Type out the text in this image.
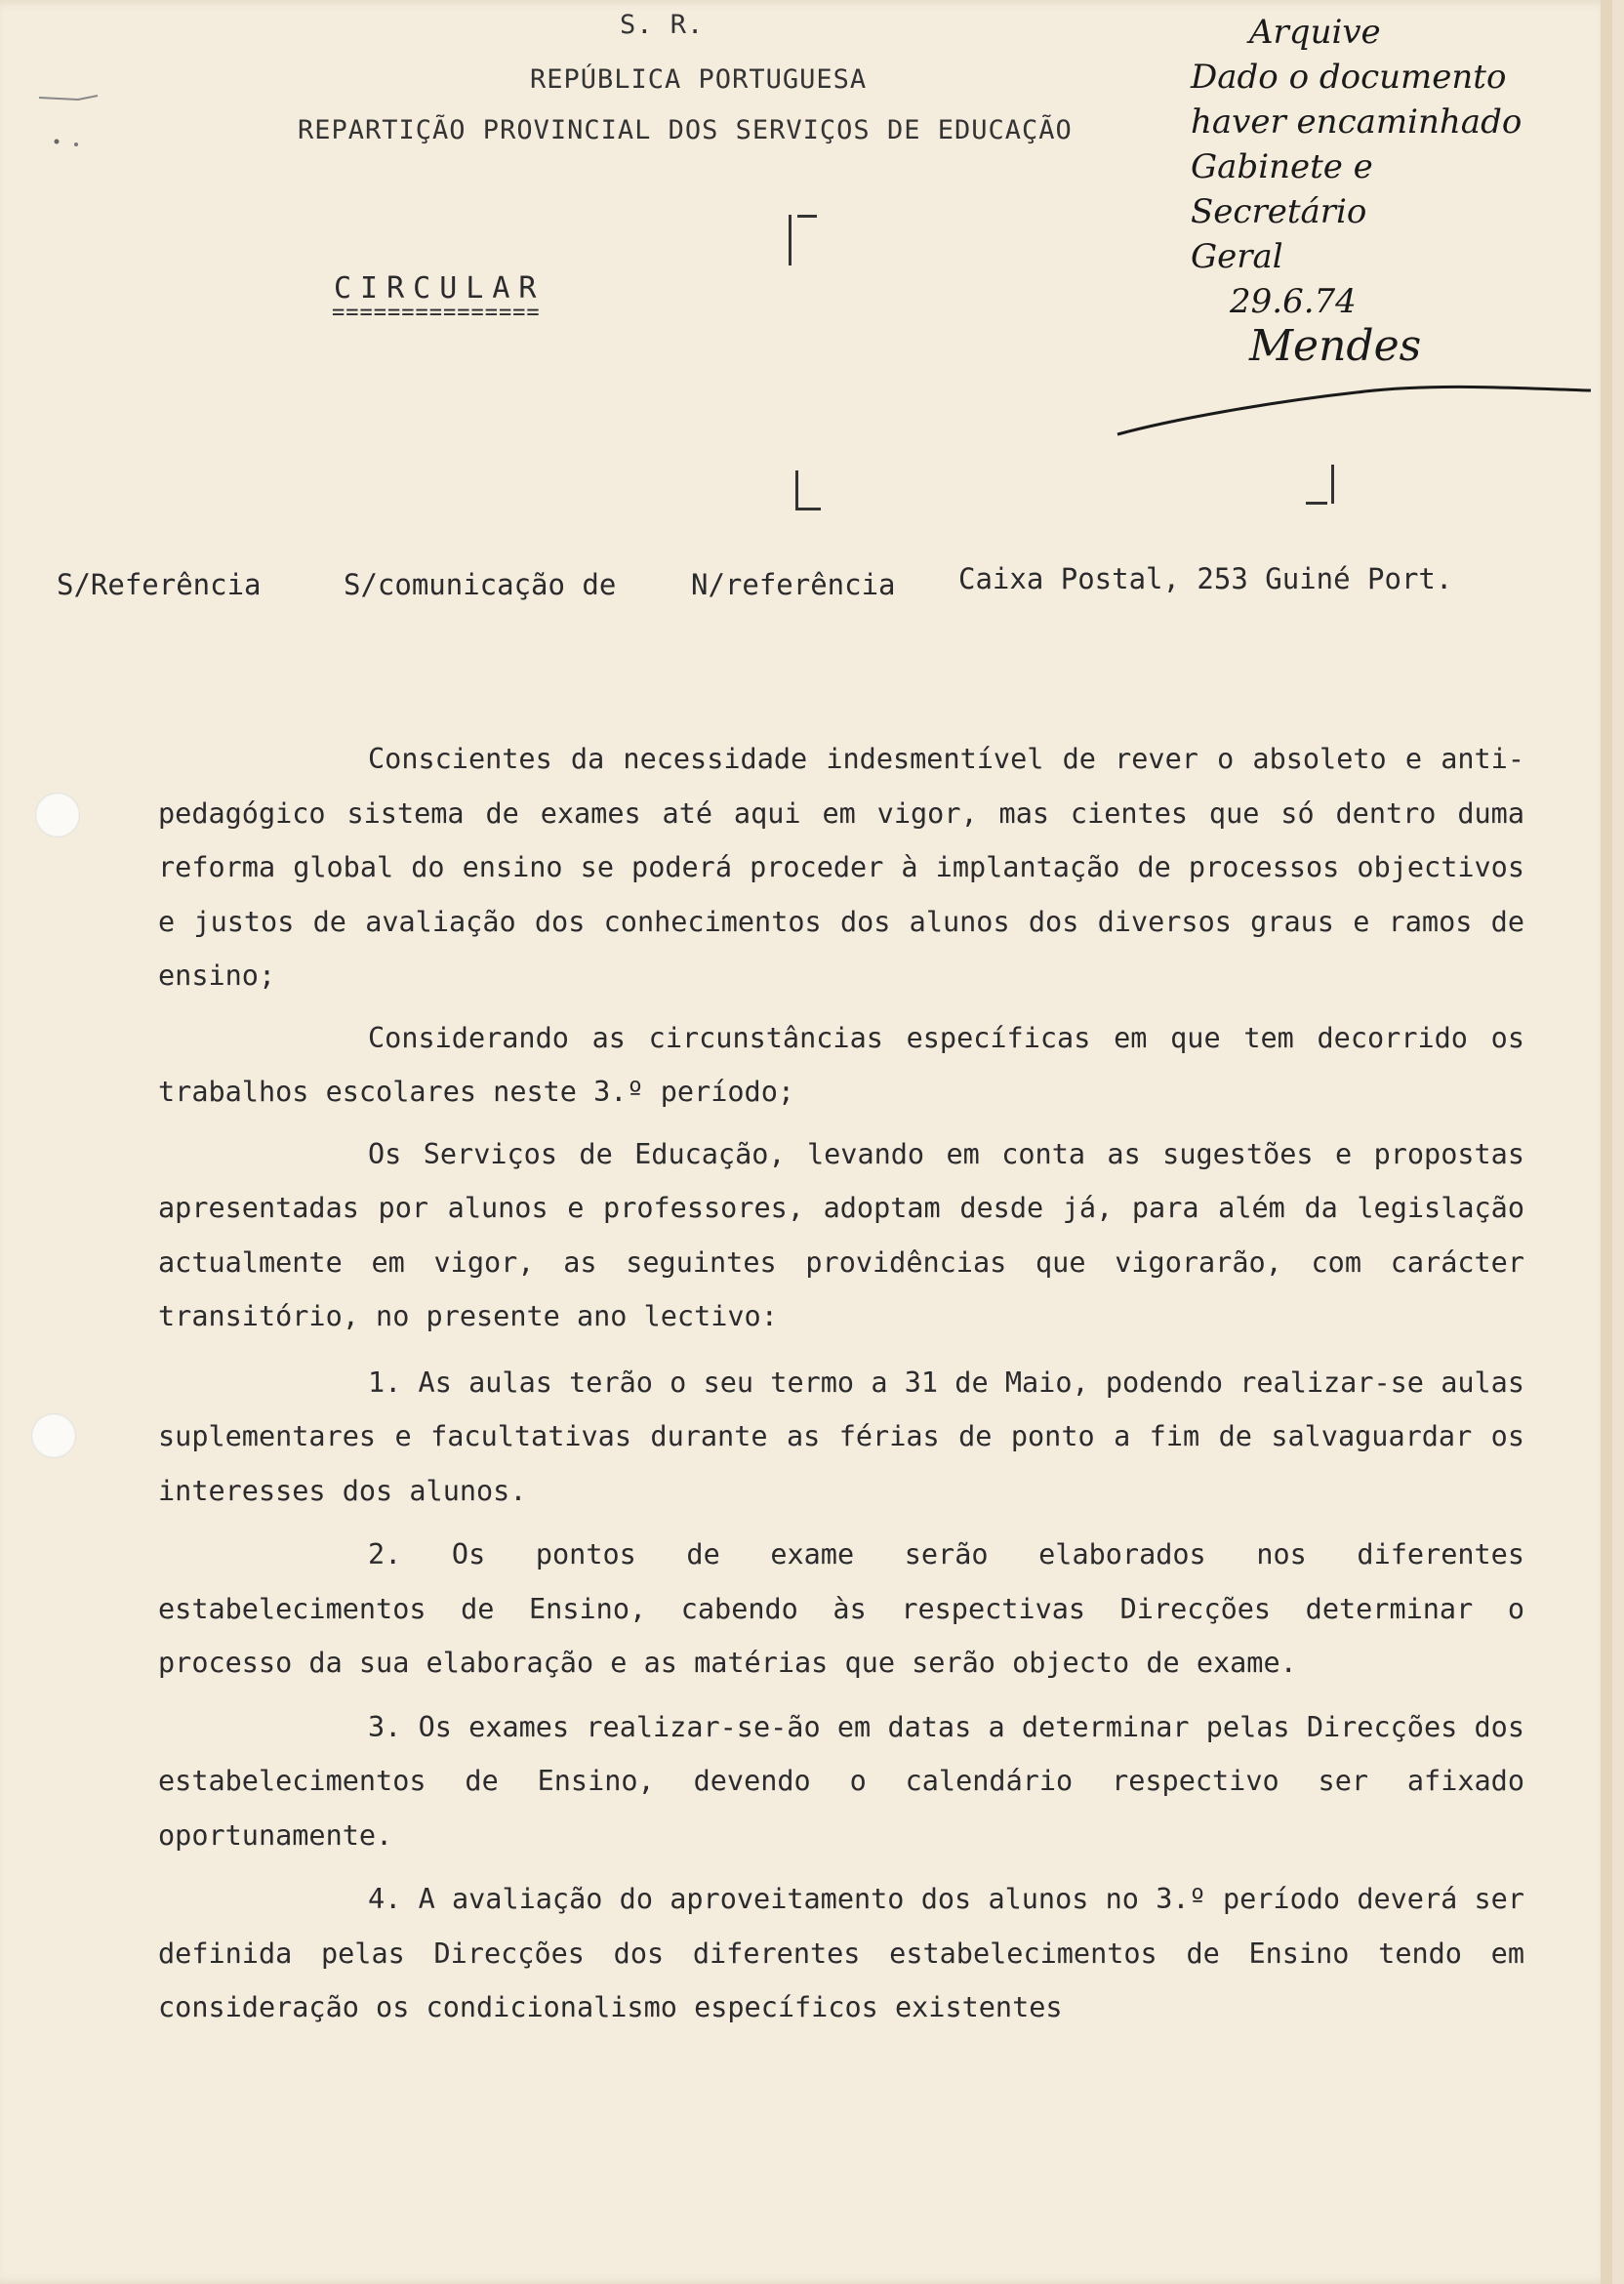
S. R.
REPÚBLICA PORTUGUESA
REPARTIÇÃO PROVINCIAL DOS SERVIÇOS DE EDUCAÇÃO
CIRCULAR
===============
Arquive
Dado o documento
haver encaminhado
Gabinete e
Secretário
Geral
29.6.74
Mendes
S/Referência	S/comunicação de	N/referência Caixa Postal, 253 Guiné Port.

Conscientes da necessidade indesmentível de rever o absoleto e anti-pedagógico sistema de exames até aqui em vigor, mas cientes que só dentro duma reforma global do ensino se poderá proceder à implantação de processos objectivos e justos de avaliação dos conhecimentos dos alunos dos diversos graus e ramos de ensino;

Considerando as circunstâncias específicas em que tem decorrido os trabalhos escolares neste 3.º período;

Os Serviços de Educação, levando em conta as sugestões e propostas apresentadas por alunos e professores, adoptam desde já, para além da legislação actualmente em vigor, as seguintes providências que vigorarão, com carácter transitório, no presente ano lectivo:

1. As aulas terão o seu termo a 31 de Maio, podendo realizar-se aulas suplementares e facultativas durante as férias de ponto a fim de salvaguardar os interesses dos alunos.

2. Os pontos de exame serão elaborados nos diferentes estabelecimentos de Ensino, cabendo às respectivas Direcções determinar o processo da sua elaboração e as matérias que serão objecto de exame.

3. Os exames realizar-se-ão em datas a determinar pelas Direcções dos estabelecimentos de Ensino, devendo o calendário respectivo ser afixado oportunamente.

4. A avaliação do aproveitamento dos alunos no 3.º período deverá ser definida pelas Direcções dos diferentes estabelecimentos de Ensino tendo em consideração os condicionalismo específicos existentes
